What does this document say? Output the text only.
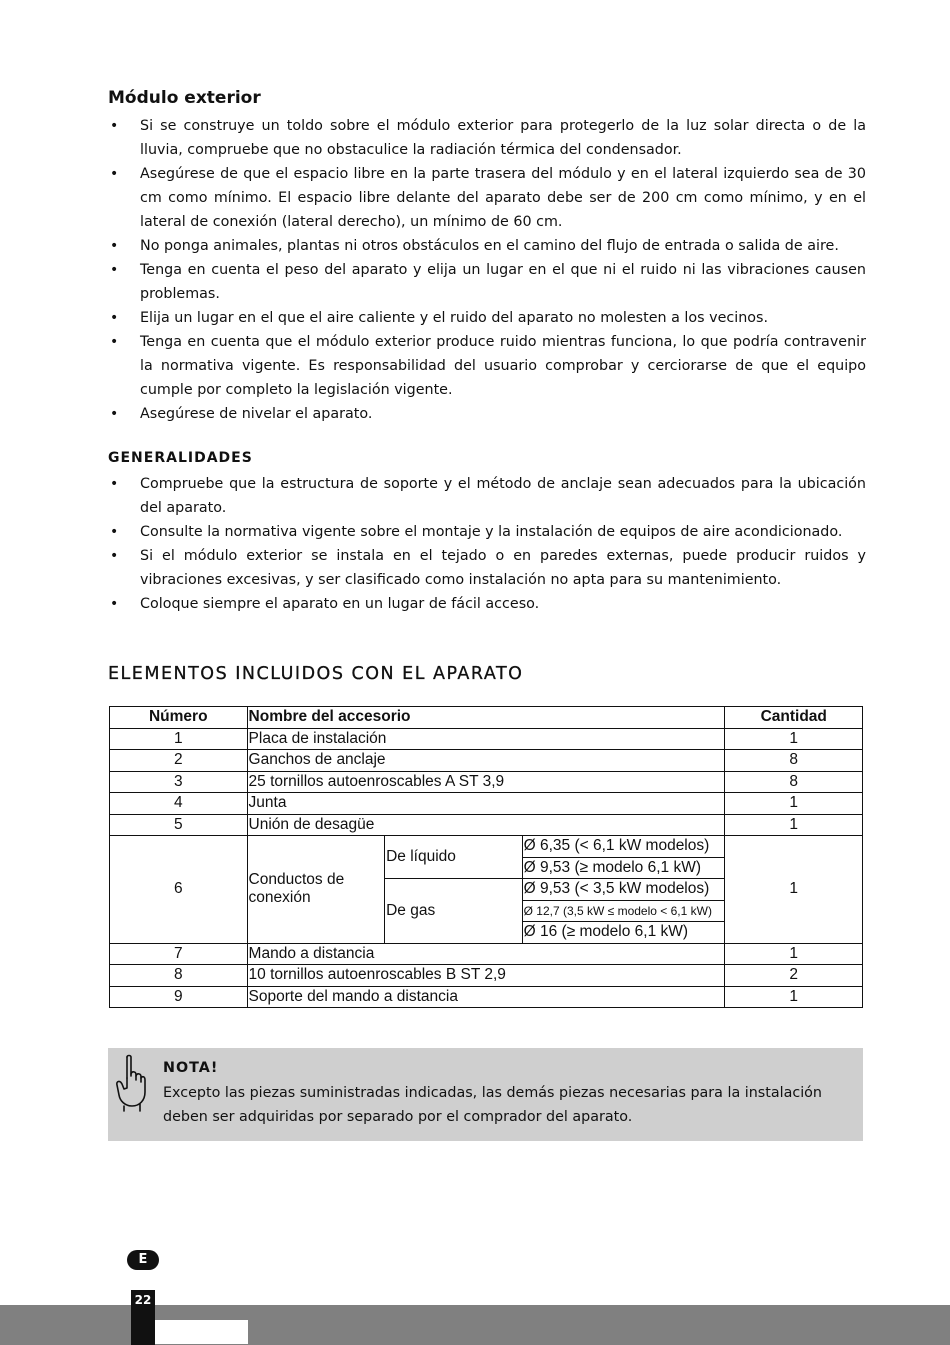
Módulo exterior
• Si se construye un toldo sobre el módulo exterior para protegerlo de la luz solar directa o de la lluvia, compruebe que no obstaculice la radiación térmica del condensador.
• Asegúrese de que el espacio libre en la parte trasera del módulo y en el lateral izquierdo sea de 30 cm como mínimo. El espacio libre delante del aparato debe ser de 200 cm como mínimo, y en el lateral de conexión (lateral derecho), un mínimo de 60 cm.
• No ponga animales, plantas ni otros obstáculos en el camino del flujo de entrada o salida de aire.
• Tenga en cuenta el peso del aparato y elija un lugar en el que ni el ruido ni las vibraciones causen problemas.
• Elija un lugar en el que el aire caliente y el ruido del aparato no molesten a los vecinos.
• Tenga en cuenta que el módulo exterior produce ruido mientras funciona, lo que podría contravenir la normativa vigente. Es responsabilidad del usuario comprobar y cerciorarse de que el equipo cumple por completo la legislación vigente.
• Asegúrese de nivelar el aparato.
GENERALIDADES
• Compruebe que la estructura de soporte y el método de anclaje sean adecuados para la ubicación del aparato.
• Consulte la normativa vigente sobre el montaje y la instalación de equipos de aire acondicionado.
• Si el módulo exterior se instala en el tejado o en paredes externas, puede producir ruidos y vibraciones excesivas, y ser clasificado como instalación no apta para su mantenimiento.
• Coloque siempre el aparato en un lugar de fácil acceso.
ELEMENTOS INCLUIDOS CON EL APARATO
Número	Nombre del accesorio			Cantidad
1	Placa de instalación			1
2	Ganchos de anclaje			8
3	25 tornillos autoenroscables A ST 3,9			8
4	Junta			1
5	Unión de desagüe			1
6	Conductos de conexión	De líquido	Ø 6,35 (< 6,1 kW modelos)	1
			Ø 9,53 (≥ modelo 6,1 kW)	
		De gas	Ø 9,53 (< 3,5 kW modelos)	
			Ø 12,7 (3,5 kW ≤ modelo < 6,1 kW)	
			Ø 16 (≥ modelo 6,1 kW)	
7	Mando a distancia			1
8	10 tornillos autoenroscables B ST 2,9			2
9	Soporte del mando a distancia			1
NOTA!
Excepto las piezas suministradas indicadas, las demás piezas necesarias para la instalación deben ser adquiridas por separado por el comprador del aparato.
E
22
